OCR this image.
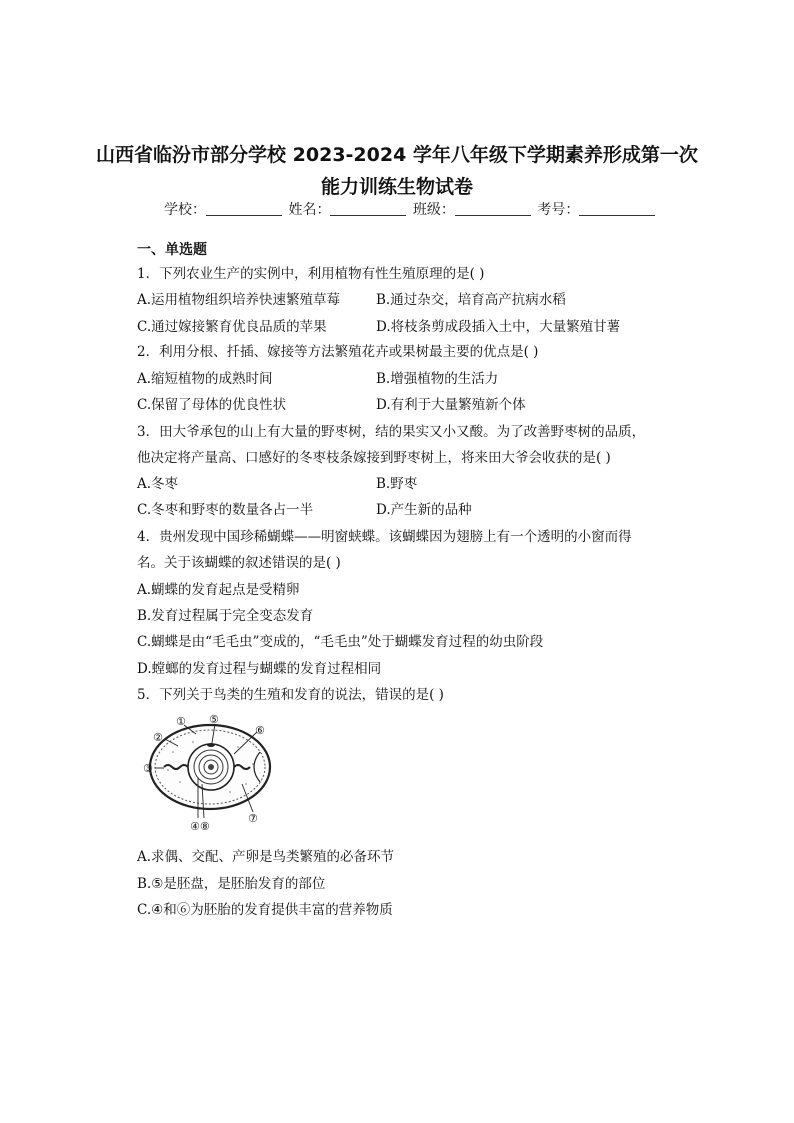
山西省临汾市部分学校 2023-2024 学年八年级下学期素养形成第一次
能力训练生物试卷
学校：	姓名：	班级：	考号：
一、单选题
1．下列农业生产的实例中，利用植物有性生殖原理的是( )
A.运用植物组织培养快速繁殖草莓	B.通过杂交，培育高产抗病水稻
C.通过嫁接繁育优良品质的苹果	D.将枝条剪成段插入土中，大量繁殖甘薯
2．利用分根、扦插、嫁接等方法繁殖花卉或果树最主要的优点是( )
A.缩短植物的成熟时间	B.增强植物的生活力
C.保留了母体的优良性状	D.有利于大量繁殖新个体
3．田大爷承包的山上有大量的野枣树，结的果实又小又酸。为了改善野枣树的品质，
他决定将产量高、口感好的冬枣枝条嫁接到野枣树上，将来田大爷会收获的是( )
A.冬枣	B.野枣
C.冬枣和野枣的数量各占一半	D.产生新的品种
4．贵州发现中国珍稀蝴蝶——明窗蛱蝶。该蝴蝶因为翅膀上有一个透明的小窗而得
名。关于该蝴蝶的叙述错误的是( )
A.蝴蝶的发育起点是受精卵
B.发育过程属于完全变态发育
C.蝴蝶是由“毛毛虫”变成的，“毛毛虫”处于蝴蝶发育过程的幼虫阶段
D.螳螂的发育过程与蝴蝶的发育过程相同
5．下列关于鸟类的生殖和发育的说法，错误的是( )
①
②
③
⑤
⑥
⑦
④⑧
A.求偶、交配、产卵是鸟类繁殖的必备环节
B.⑤是胚盘，是胚胎发育的部位
C.④和⑥为胚胎的发育提供丰富的营养物质
